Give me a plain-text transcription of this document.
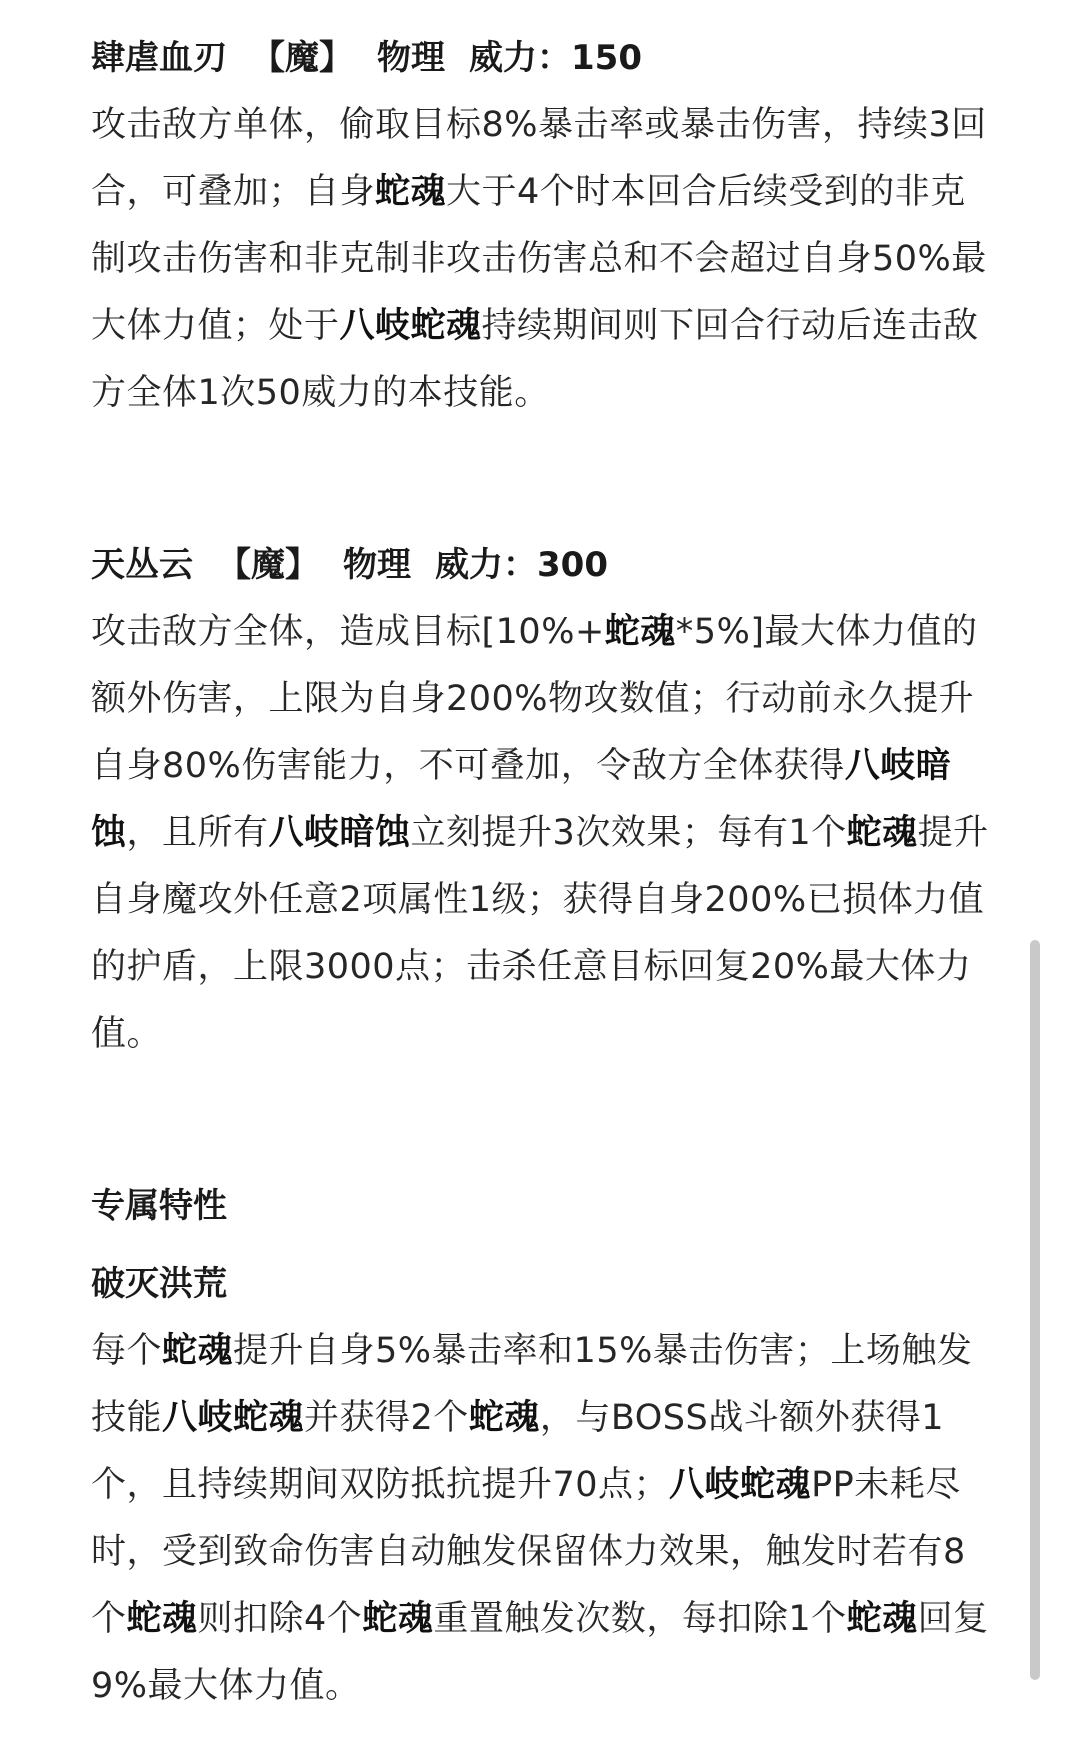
肆虐血刃 【魔】 物理 威力：150

攻击敌方单体，偷取目标8%暴击率或暴击伤害，持续3回合，可叠加；自身蛇魂大于4个时本回合后续受到的非克制攻击伤害和非克制非攻击伤害总和不会超过自身50%最大体力值；处于八岐蛇魂持续期间则下回合行动后连击敌方全体1次50威力的本技能。

天丛云 【魔】 物理 威力：300

攻击敌方全体，造成目标[10%+蛇魂*5%]最大体力值的额外伤害，上限为自身200%物攻数值；行动前永久提升自身80%伤害能力，不可叠加，令敌方全体获得八岐暗蚀，且所有八岐暗蚀立刻提升3次效果；每有1个蛇魂提升自身魔攻外任意2项属性1级；获得自身200%已损体力值的护盾，上限3000点；击杀任意目标回复20%最大体力值。

专属特性
破灭洪荒

每个蛇魂提升自身5%暴击率和15%暴击伤害；上场触发技能八岐蛇魂并获得2个蛇魂，与BOSS战斗额外获得1个，且持续期间双防抵抗提升70点；八岐蛇魂PP未耗尽时，受到致命伤害自动触发保留体力效果，触发时若有8个蛇魂则扣除4个蛇魂重置触发次数，每扣除1个蛇魂回复9%最大体力值。
